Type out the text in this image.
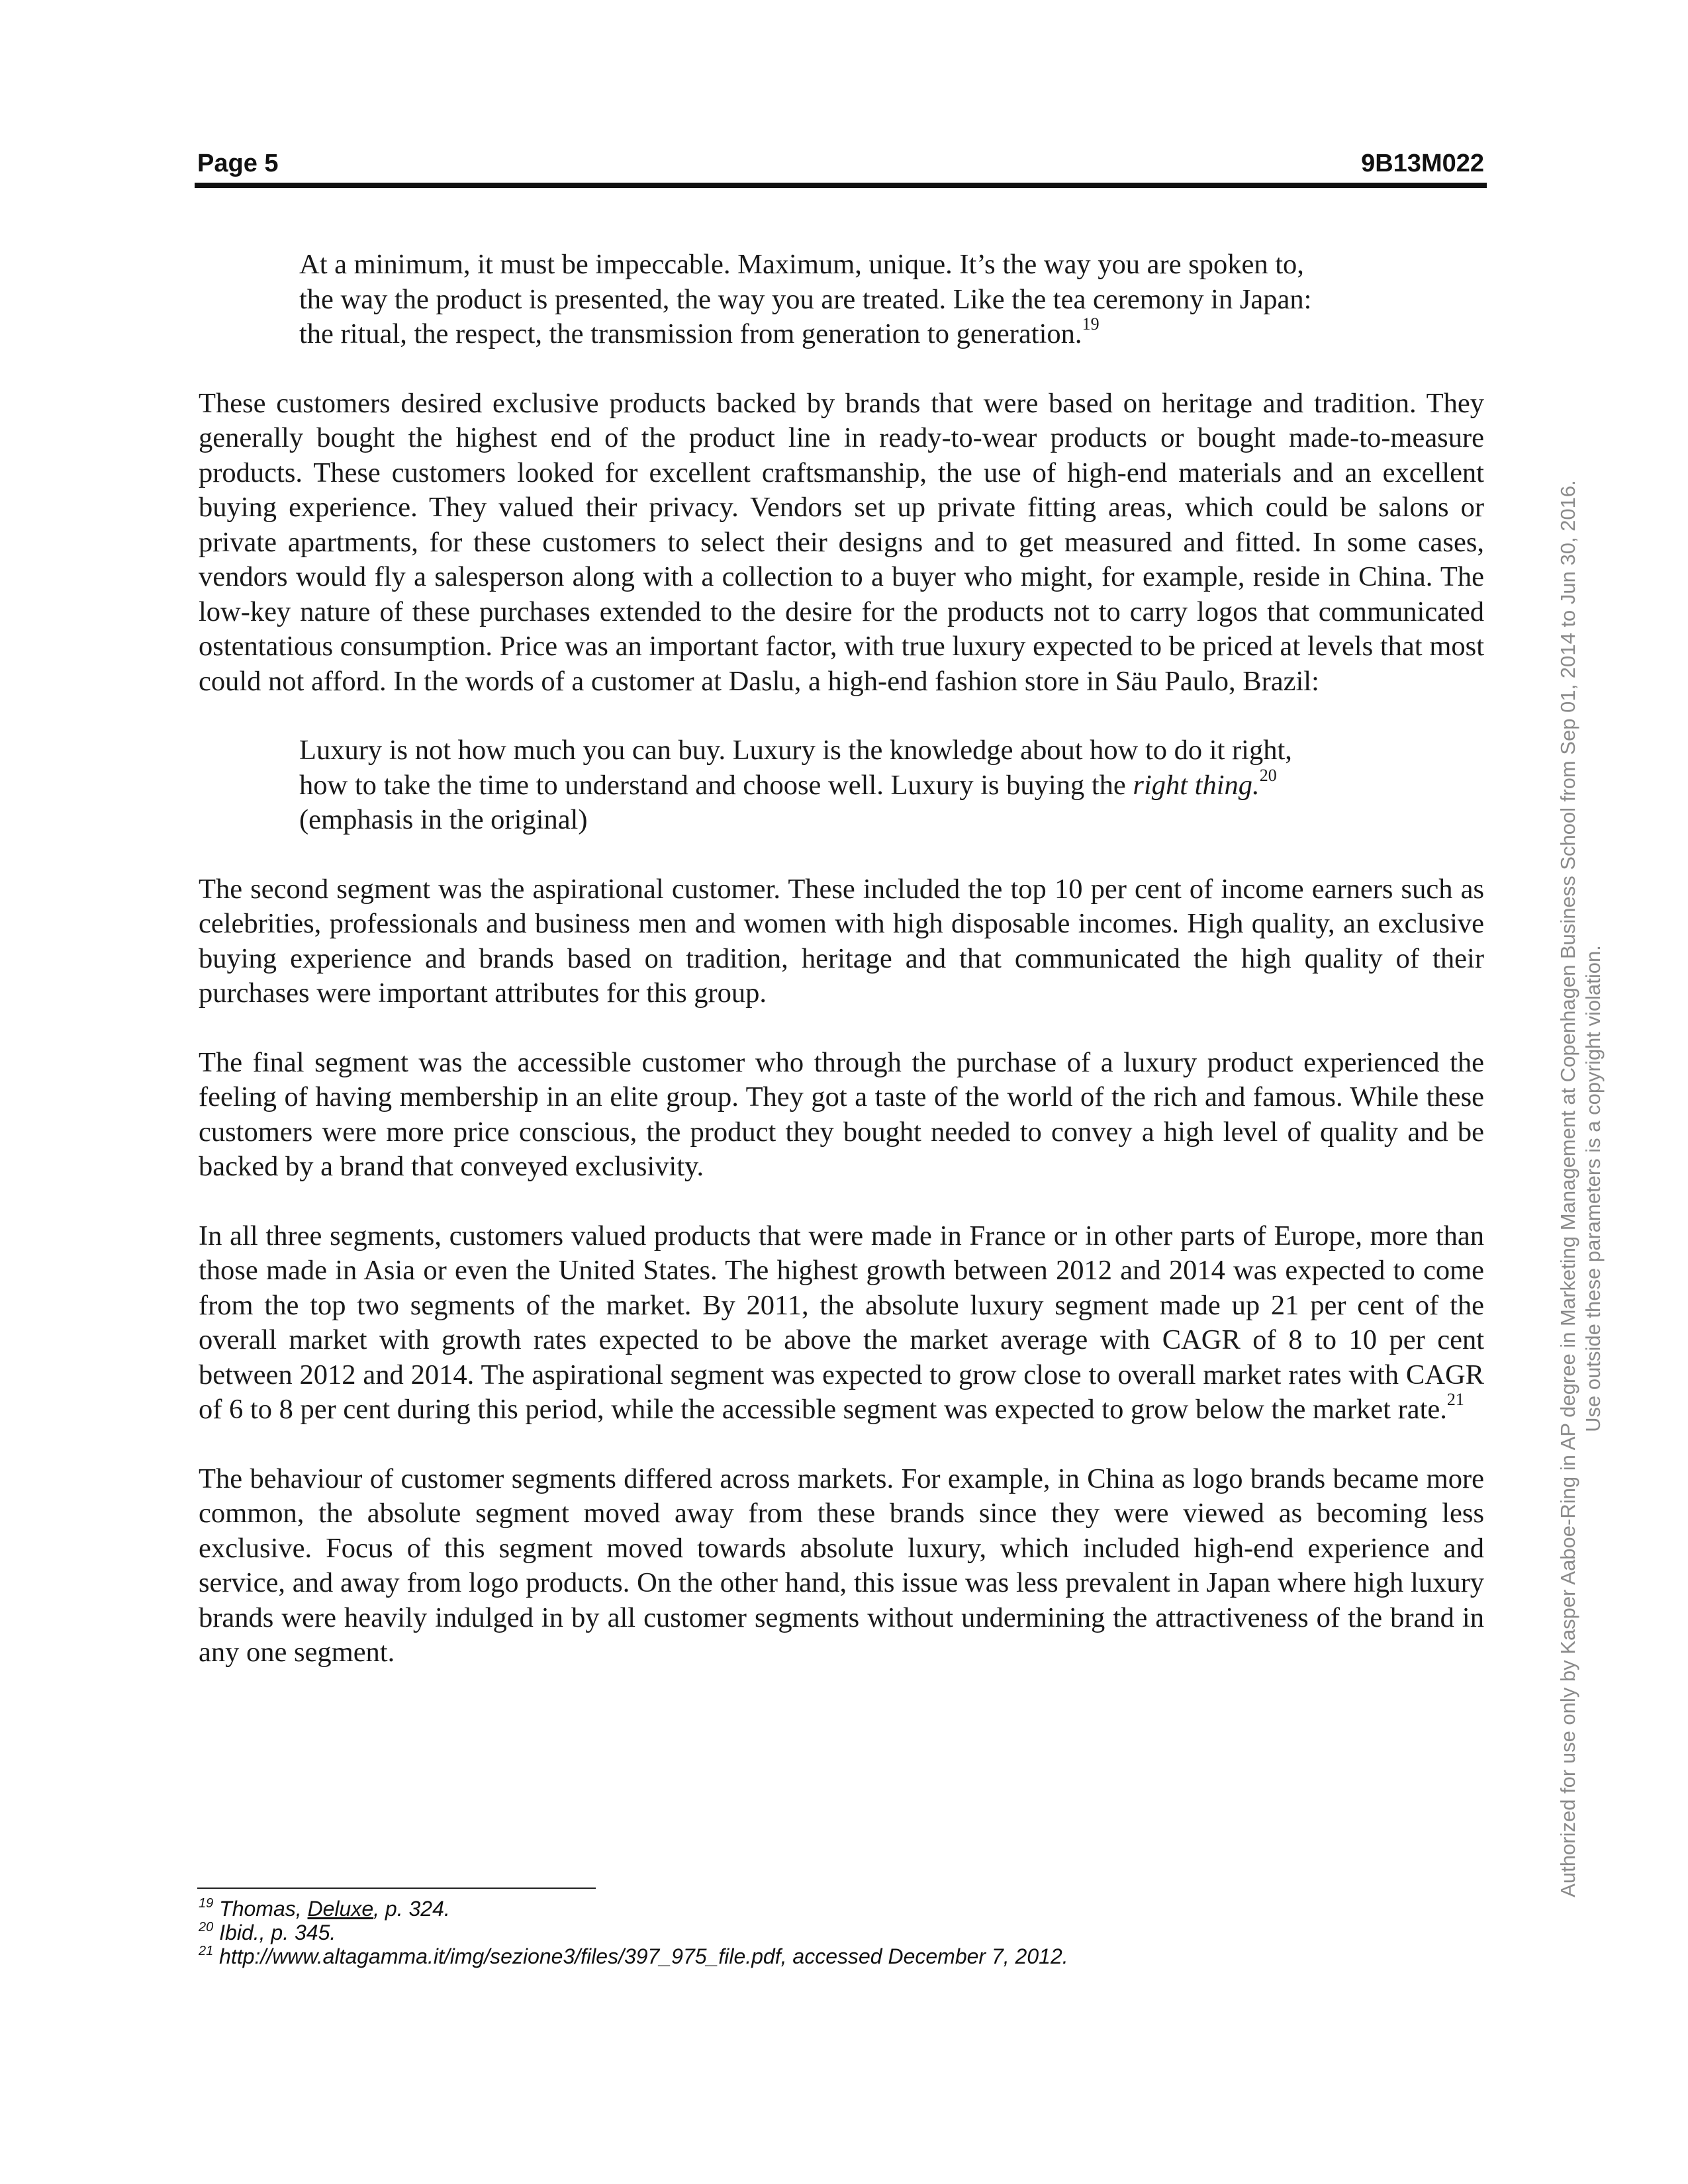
Page 5	9B13M022
At a minimum, it must be impeccable. Maximum, unique. It’s the way you are spoken to,
the way the product is presented, the way you are treated. Like the tea ceremony in Japan:
the ritual, the respect, the transmission from generation to generation.$^{19}$

These customers desired exclusive products backed by brands that were based on heritage and tradition. They generally bought the highest end of the product line in ready-to-wear products or bought made-to-measure products. These customers looked for excellent craftsmanship, the use of high-end materials and an excellent buying experience. They valued their privacy. Vendors set up private fitting areas, which could be salons or private apartments, for these customers to select their designs and to get measured and fitted. In some cases, vendors would fly a salesperson along with a collection to a buyer who might, for example, reside in China. The low-key nature of these purchases extended to the desire for the products not to carry logos that communicated ostentatious consumption. Price was an important factor, with true luxury expected to be priced at levels that most could not afford. In the words of a customer at Daslu, a high-end fashion store in Säu Paulo, Brazil:

Luxury is not how much you can buy. Luxury is the knowledge about how to do it right,
how to take the time to understand and choose well. Luxury is buying the right thing.$^{20}$
(emphasis in the original)

The second segment was the aspirational customer. These included the top 10 per cent of income earners such as celebrities, professionals and business men and women with high disposable incomes. High quality, an exclusive buying experience and brands based on tradition, heritage and that communicated the high quality of their purchases were important attributes for this group.

The final segment was the accessible customer who through the purchase of a luxury product experienced the feeling of having membership in an elite group. They got a taste of the world of the rich and famous. While these customers were more price conscious, the product they bought needed to convey a high level of quality and be backed by a brand that conveyed exclusivity.

In all three segments, customers valued products that were made in France or in other parts of Europe, more than those made in Asia or even the United States. The highest growth between 2012 and 2014 was expected to come from the top two segments of the market. By 2011, the absolute luxury segment made up 21 per cent of the overall market with growth rates expected to be above the market average with CAGR of 8 to 10 per cent between 2012 and 2014. The aspirational segment was expected to grow close to overall market rates with CAGR of 6 to 8 per cent during this period, while the accessible segment was expected to grow below the market rate.$^{21}$

The behaviour of customer segments differed across markets. For example, in China as logo brands became more common, the absolute segment moved away from these brands since they were viewed as becoming less exclusive. Focus of this segment moved towards absolute luxury, which included high-end experience and service, and away from logo products. On the other hand, this issue was less prevalent in Japan where high luxury brands were heavily indulged in by all customer segments without undermining the attractiveness of the brand in any one segment.

$^{19}$ Thomas, Deluxe, p. 324.
$^{20}$ Ibid., p. 345.
$^{21}$ http://www.altagamma.it/img/sezione3/files/397_975_file.pdf, accessed December 7, 2012.
Authorized for use only by Kasper Aaboe-Ring in AP degree in Marketing Management at Copenhagen Business School from Sep 01, 2014 to Jun 30, 2016. Use outside these parameters is a copyright violation.
